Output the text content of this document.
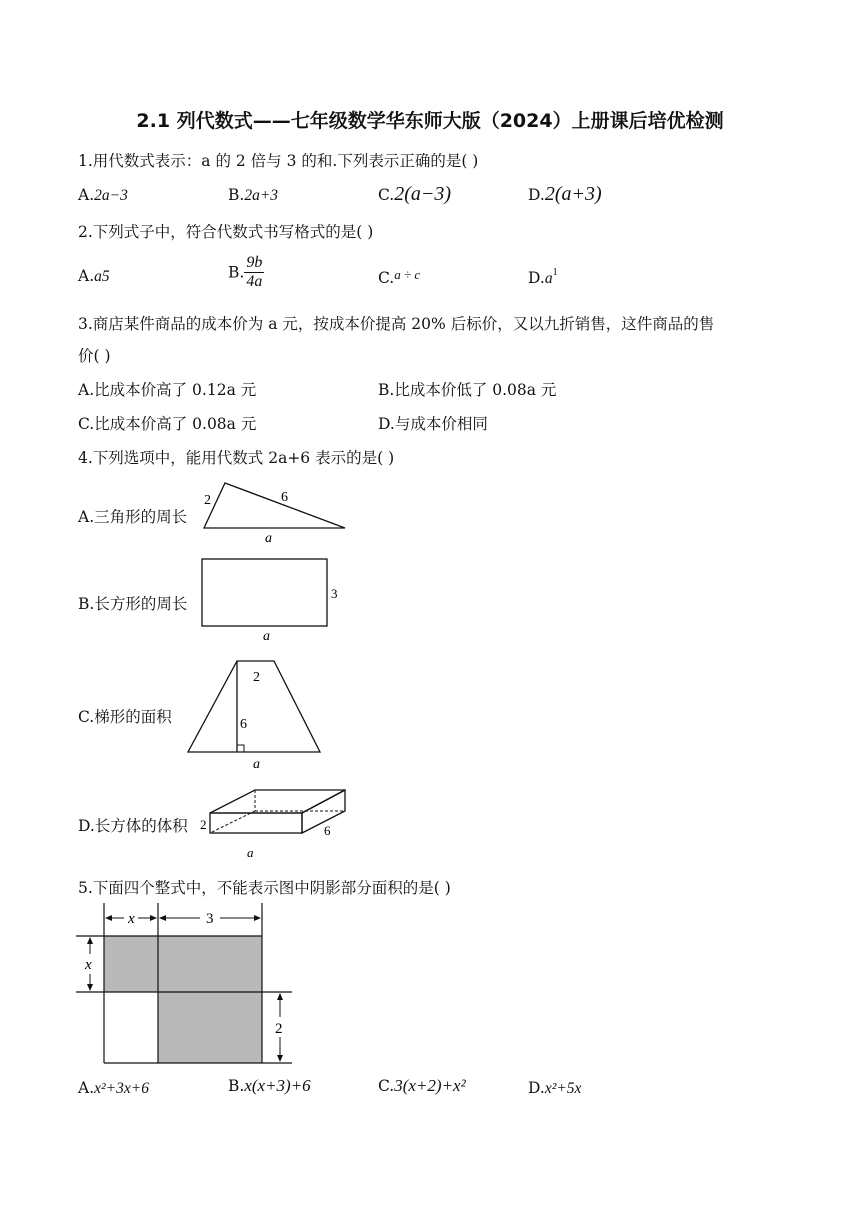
2.1 列代数式——七年级数学华东师大版（2024）上册课后培优检测
1.用代数式表示：a 的 2 倍与 3 的和.下列表示正确的是( )
A.2a−3	B.2a+3	C.2(a−3)	D.2(a+3)
2.下列式子中，符合代数式书写格式的是( )
A.a5	B. $\frac{9b}{4a}$	C.$^{a \div c}$	$D.a^1$
3.商店某件商品的成本价为 a 元，按成本价提高 20% 后标价，又以九折销售，这件商品的售
价( )
A.比成本价高了 0.12a 元	B.比成本价低了 0.08a 元
C.比成本价高了 0.08a 元	D.与成本价相同
4.下列选项中，能用代数式 2a+6 表示的是( )
A.三角形的周长
2	6
a
B.长方形的周长
3
a
C.梯形的面积
2
6
a
D.长方体的体积 2	6
a
5.下面四个整式中，不能表示图中阴影部分面积的是( )
x	3
x
2
A.x²+3x+6	B.x(x+3)+6	C.3(x+2)+x²	D.x²+5x
